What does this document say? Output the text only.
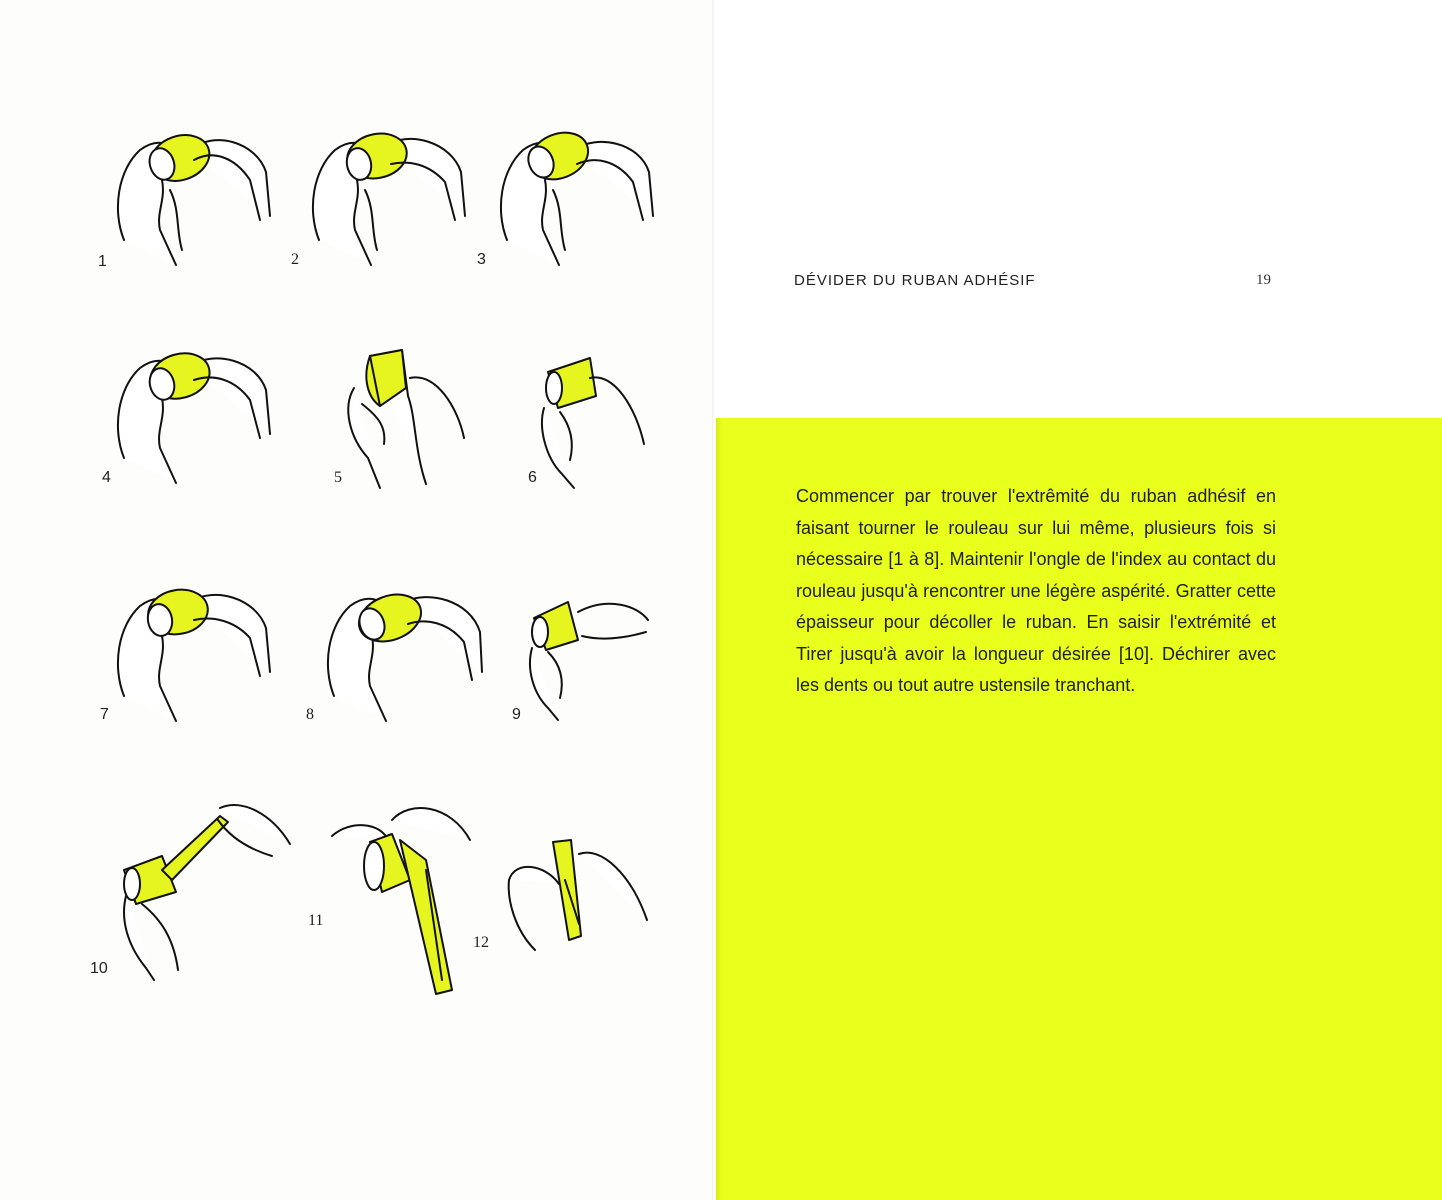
1	2	3
4	5	6
7	8	9
10
11
12
DÉVIDER DU RUBAN ADHÉSIF	19

Commencer par trouver l'extrêmité du ruban adhésif en faisant tourner le rouleau sur lui même, plusieurs fois si nécessaire [1 à 8]. Maintenir l'ongle de l'index au contact du rouleau jusqu'à rencontrer une légère aspérité. Gratter cette épaisseur pour décoller le ruban. En saisir l'extrémité et Tirer jusqu'à avoir la longueur désirée [10]. Déchirer avec les dents ou tout autre ustensile tranchant.
